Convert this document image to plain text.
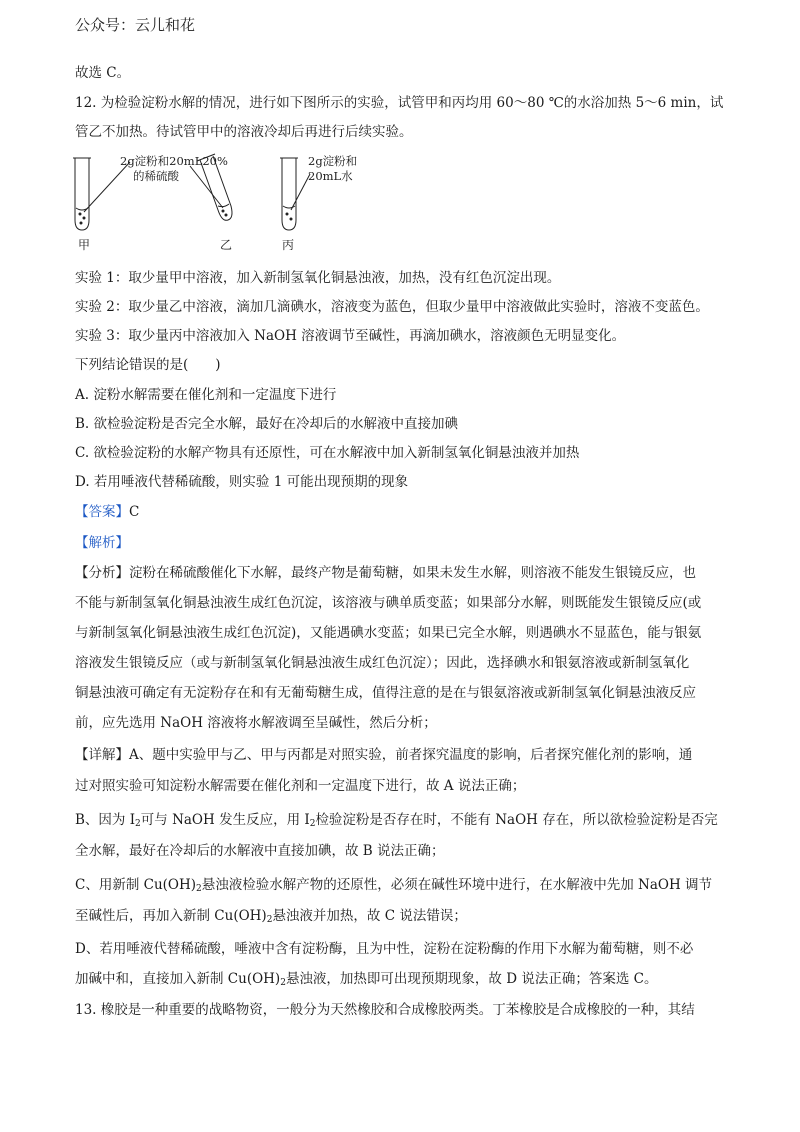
公众号：云儿和花
故选 C。
12. 为检验淀粉水解的情况，进行如下图所示的实验，试管甲和丙均用 60～80 ℃的水浴加热 5～6 min，试
管乙不加热。待试管甲中的溶液冷却后再进行后续实验。
2g淀粉和20mL20%
的稀硫酸
2g淀粉和
20mL水
甲	乙	丙
实验 1：取少量甲中溶液，加入新制氢氧化铜悬浊液，加热，没有红色沉淀出现。
实验 2：取少量乙中溶液，滴加几滴碘水，溶液变为蓝色，但取少量甲中溶液做此实验时，溶液不变蓝色。
实验 3：取少量丙中溶液加入 NaOH 溶液调节至碱性，再滴加碘水，溶液颜色无明显变化。
下列结论错误的是(　　)
A. 淀粉水解需要在催化剂和一定温度下进行
B. 欲检验淀粉是否完全水解，最好在冷却后的水解液中直接加碘
C. 欲检验淀粉的水解产物具有还原性，可在水解液中加入新制氢氧化铜悬浊液并加热
D. 若用唾液代替稀硫酸，则实验 1 可能出现预期的现象
【答案】C
【解析】
【分析】淀粉在稀硫酸催化下水解，最终产物是葡萄糖，如果未发生水解，则溶液不能发生银镜反应，也
不能与新制氢氧化铜悬浊液生成红色沉淀，该溶液与碘单质变蓝；如果部分水解，则既能发生银镜反应(或
与新制氢氧化铜悬浊液生成红色沉淀)，又能遇碘水变蓝；如果已完全水解，则遇碘水不显蓝色，能与银氨
溶液发生银镜反应（或与新制氢氧化铜悬浊液生成红色沉淀）；因此，选择碘水和银氨溶液或新制氢氧化
铜悬浊液可确定有无淀粉存在和有无葡萄糖生成，值得注意的是在与银氨溶液或新制氢氧化铜悬浊液反应
前，应先选用 NaOH 溶液将水解液调至呈碱性，然后分析；
【详解】A、题中实验甲与乙、甲与丙都是对照实验，前者探究温度的影响，后者探究催化剂的影响，通
过对照实验可知淀粉水解需要在催化剂和一定温度下进行，故 A 说法正确；
B、因为 $I_2$可与 NaOH 发生反应，用 $I_2$检验淀粉是否存在时，不能有 NaOH 存在，所以欲检验淀粉是否完
全水解，最好在冷却后的水解液中直接加碘，故 B 说法正确；
C、用新制 $Cu(OH)_2$悬浊液检验水解产物的还原性，必须在碱性环境中进行，在水解液中先加 NaOH 调节
至碱性后，再加入新制 $Cu(OH)_2$悬浊液并加热，故 C 说法错误；
D、若用唾液代替稀硫酸，唾液中含有淀粉酶，且为中性，淀粉在淀粉酶的作用下水解为葡萄糖，则不必
加碱中和，直接加入新制 $Cu(OH)_2$悬浊液，加热即可出现预期现象，故 D 说法正确；答案选 C。
13. 橡胶是一种重要的战略物资，一般分为天然橡胶和合成橡胶两类。丁苯橡胶是合成橡胶的一种，其结
